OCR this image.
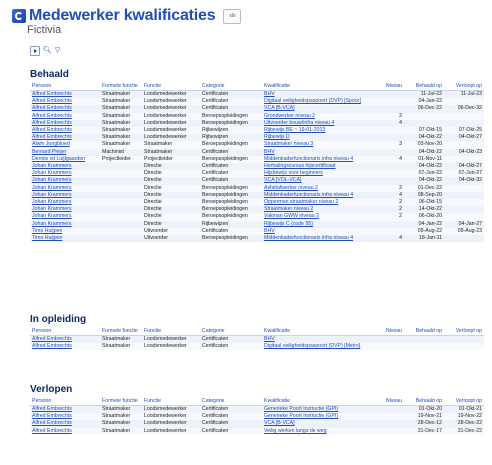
Medewerker kwalificaties	xls
Fictivia
🔍︎ ▽
Behaald
Persoon	Formele functie	Functie	Categorie	Kwalificatie	Niveau	Behaald op	Verloopt op
Alfred Embrechts	Straatmaker	Loodsmedewerker	Certificaten	BHV		11-Jul-22	11-Jul-23
Alfred Embrechts	Straatmaker	Loodsmedewerker	Certificaten	Digitaal veiligheidspaspoort (DVP) [Spoor]		04-Jan-22	
Alfred Embrechts	Straatmaker	Loodsmedewerker	Certificaten	VCA [B-VCA]		06-Dec-22	06-Dec-32
Alfred Embrechts	Straatmaker	Loodsmedewerker	Beroepsopleidingen	Grondwerker niveau 2	2		
Alfred Embrechts	Straatmaker	Loodsmedewerker	Beroepsopleidingen	Uitvoerder bouw/infra niveau 4	4		
Alfred Embrechts	Straatmaker	Loodsmedewerker	Rijbewijzen	Rijbewijs BE ~ 19-01-2013		07-Okt-15	07-Okt-25
Alfred Embrechts	Straatmaker	Loodsmedewerker	Rijbewijzen	Rijbewijs D		04-Okt-22	04-Okt-27
Alwin Jongbloed	Straatmaker	Straatmaker	Beroepsopleidingen	Straatmaker niveau 3	3	03-Nov-20	
Bernard Pleijer	Machinist	Straatmaker	Certificaten	BHV		04-Okt-22	04-Okt-23
Dennis vd Luijtgaarden	Projectleider	Projectleider	Beroepsopleidingen	Middenkaderfunctionaris infra niveau 4	4	01-Nov-11	
Johan Krammers		Directie	Certificaten	Herhalingscursus hijscertificaat		04-Okt-22	04-Okt-27
Johan Krammers		Directie	Certificaten	Hijsbewijs voor beginners		07-Jun-22	07-Jun-27
Johan Krammers		Directie	Certificaten	VCA [VOL-VCA]		04-Okt-22	04-Okt-32
Johan Krammers		Directie	Beroepsopleidingen	Asfaltafwerker niveau 2	2	01-Dec-22	
Johan Krammers		Directie	Beroepsopleidingen	Middenkaderfunctionaris infra niveau 4	4	08-Sep-20	
Johan Krammers		Directie	Beroepsopleidingen	Opperman straatmaker niveau 2	2	06-Okt-15	
Johan Krammers		Directie	Beroepsopleidingen	Straatmaker niveau 2	2	14-Okt-22	
Johan Krammers		Directie	Beroepsopleidingen	Vakman GWW niveau 2	2	06-Okt-20	
Johan Krammers		Directie	Rijbewijzen	Rijbewijs C (code 95)		04-Jan-22	04-Jan-27
Timo Huijpen		Uitvoerder	Certificaten	BHV		09-Aug-22	09-Aug-23
Timo Huijpen		Uitvoerder	Beroepsopleidingen	Middenkaderfunctionaris infra niveau 4	4	18-Jan-11	
In opleiding
Persoon	Formele functie	Functie	Categorie	Kwalificatie	Niveau	Behaald op	Verloopt op
Alfred Embrechts	Straatmaker	Loodsmedewerker	Certificaten	BHV			
Alfred Embrechts	Straatmaker	Loodsmedewerker	Certificaten	Digitaal veiligheidspaspoort (DVP) [Metro]			
Verlopen
Persoon	Formele functie	Functie	Categorie	Kwalificatie	Niveau	Behaald op	Verloopt op
Alfred Embrechts	Straatmaker	Loodsmedewerker	Certificaten	Generieke Poort Instructie (GPI)		01-Okt-20	01-Okt-21
Alfred Embrechts	Straatmaker	Loodsmedewerker	Certificaten	Generieke Poort Instructie (GPI)		19-Nov-21	19-Nov-22
Alfred Embrechts	Straatmaker	Loodsmedewerker	Certificaten	VCA [B-VCA]		28-Dec-12	28-Dec-22
Alfred Embrechts	Straatmaker	Loodsmedewerker	Certificaten	Veilig werken langs de weg		31-Dec-17	31-Dec-22
